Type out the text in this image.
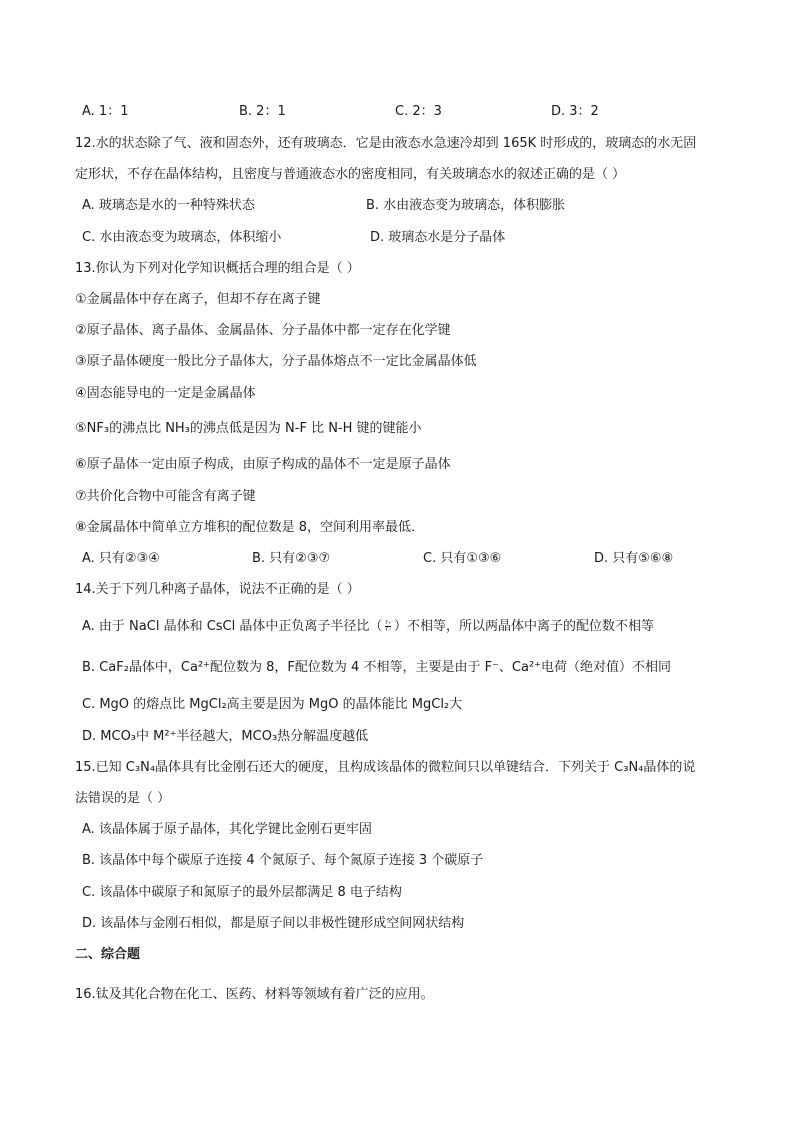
A. 1：1	B. 2：1	C. 2：3	D. 3：2
12.水的状态除了气、液和固态外，还有玻璃态．它是由液态水急速冷却到 165K 时形成的，玻璃态的水无固
定形状，不存在晶体结构，且密度与普通液态水的密度相同，有关玻璃态水的叙述正确的是（ ）
A. 玻璃态是水的一种特殊状态	B. 水由液态变为玻璃态，体积膨胀
C. 水由液态变为玻璃态，体积缩小	D. 玻璃态水是分子晶体
13.你认为下列对化学知识概括合理的组合是（ ）
①金属晶体中存在离子，但却不存在离子键
②原子晶体、离子晶体、金属晶体、分子晶体中都一定存在化学键
③原子晶体硬度一般比分子晶体大，分子晶体熔点不一定比金属晶体低
④固态能导电的一定是金属晶体
⑤NF₃的沸点比 NH₃的沸点低是因为 N-F 比 N-H 键的键能小
⑥原子晶体一定由原子构成，由原子构成的晶体不一定是原子晶体
⑦共价化合物中可能含有离子键
⑧金属晶体中简单立方堆积的配位数是 8，空间利用率最低．
A. 只有②③④	B. 只有②③⑦	C. 只有①③⑥	D. 只有⑤⑥⑧
14.关于下列几种离子晶体，说法不正确的是（ ）
A. 由于 NaCl 晶体和 CsCl 晶体中正负离子半径比（ $\frac{r_+}{r_-}$ ）不相等，所以两晶体中离子的配位数不相等
B. CaF₂晶体中，Ca²⁺配位数为 8，F配位数为 4 不相等，主要是由于 F⁻、Ca²⁺电荷（绝对值）不相同
C. MgO 的熔点比 MgCl₂高主要是因为 MgO 的晶体能比 MgCl₂大
D. MCO₃中 M²⁺半径越大，MCO₃热分解温度越低
15.已知 C₃N₄晶体具有比金刚石还大的硬度，且构成该晶体的微粒间只以单键结合．下列关于 C₃N₄晶体的说
法错误的是（ ）
A. 该晶体属于原子晶体，其化学键比金刚石更牢固
B. 该晶体中每个碳原子连接 4 个氮原子、每个氮原子连接 3 个碳原子
C. 该晶体中碳原子和氮原子的最外层都满足 8 电子结构
D. 该晶体与金刚石相似，都是原子间以非极性键形成空间网状结构
二、综合题
16.钛及其化合物在化工、医药、材料等领域有着广泛的应用。
